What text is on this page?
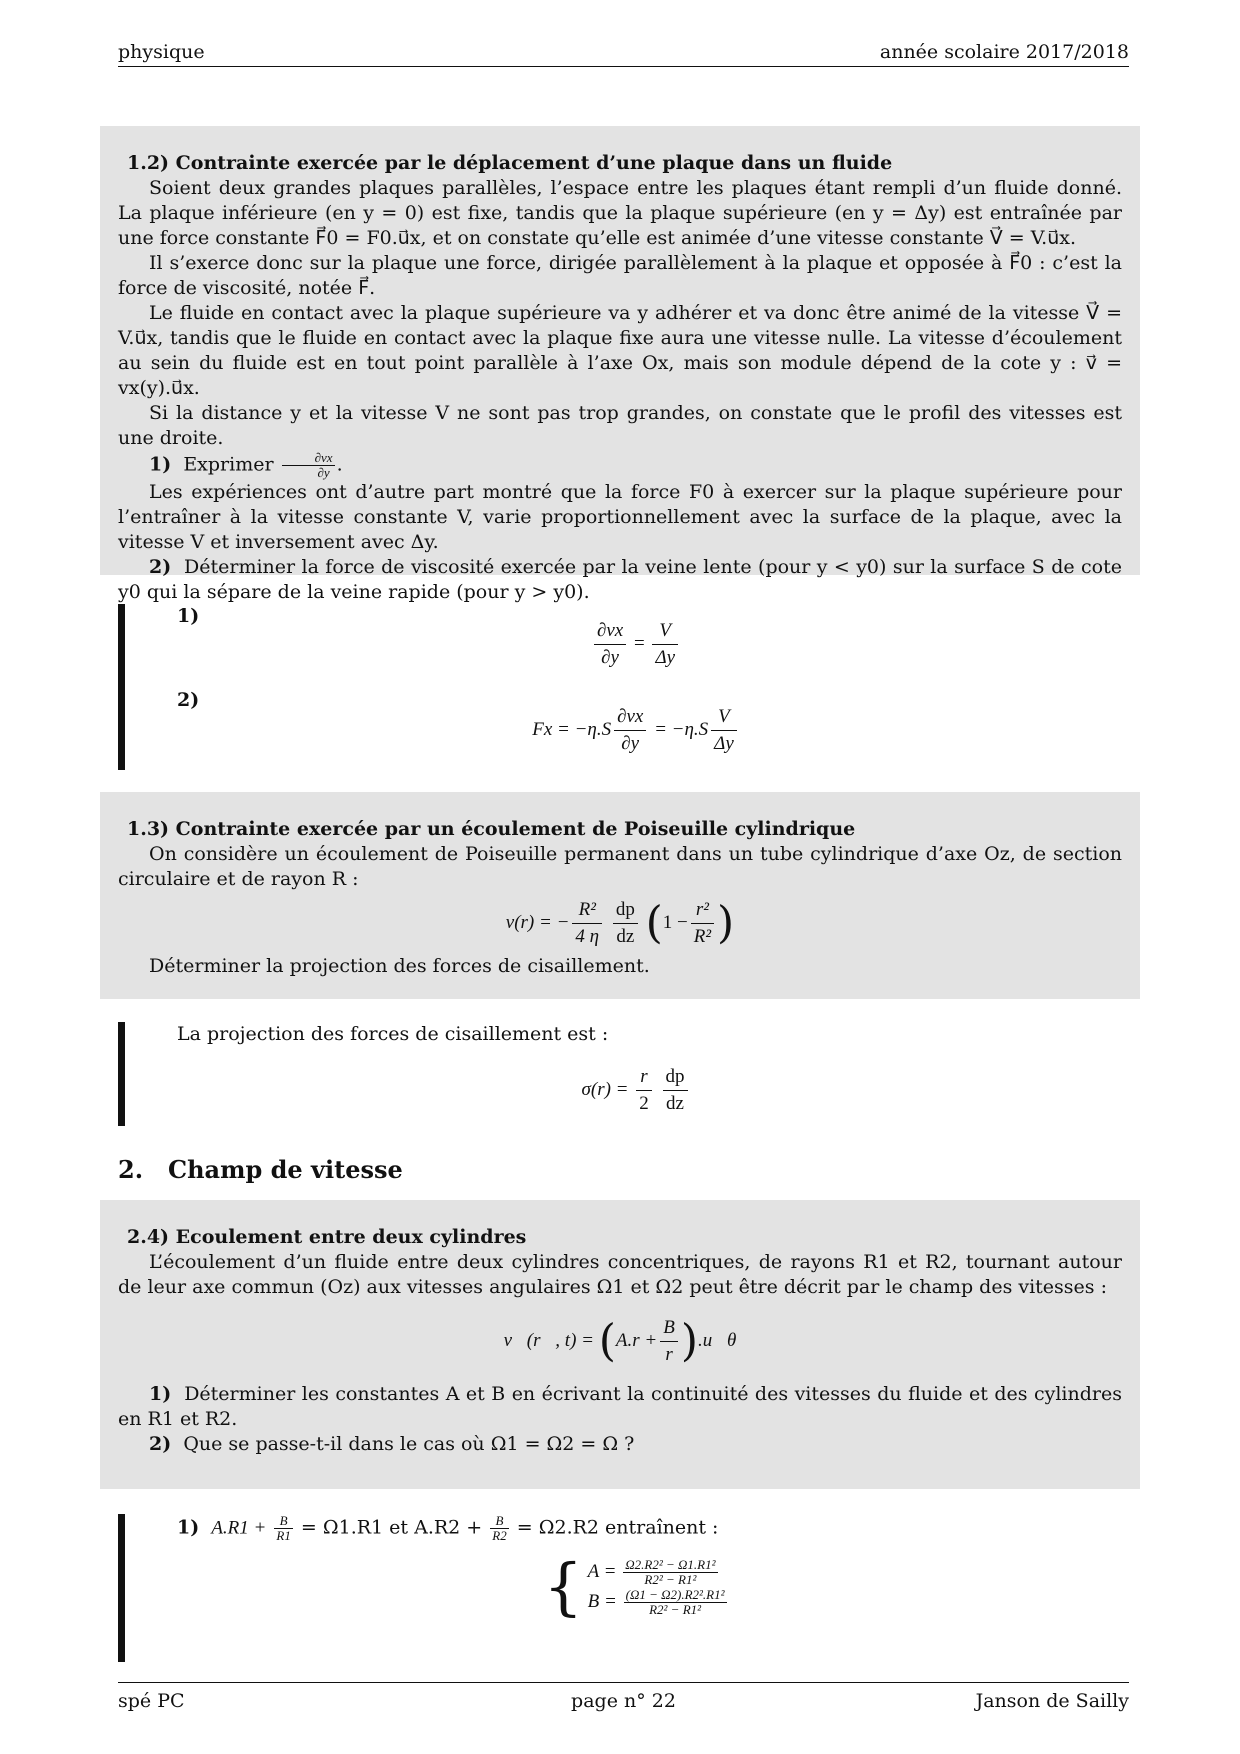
physique	année scolaire 2017/2018
1.2) Contrainte exercée par le déplacement d’une plaque dans un fluide

Soient deux grandes plaques parallèles, l’espace entre les plaques étant rempli d’un fluide donné. La plaque inférieure (en y = 0) est fixe, tandis que la plaque supérieure (en y = Δy) est entraînée par une force constante F⃗0 = F0.u⃗x, et on constate qu’elle est animée d’une vitesse constante V⃗ = V.u⃗x.

Il s’exerce donc sur la plaque une force, dirigée parallèlement à la plaque et opposée à F⃗0 : c’est la force de viscosité, notée F⃗.

Le fluide en contact avec la plaque supérieure va y adhérer et va donc être animé de la vitesse V⃗ = V.u⃗x, tandis que le fluide en contact avec la plaque fixe aura une vitesse nulle. La vitesse d’écoulement au sein du fluide est en tout point parallèle à l’axe Ox, mais son module dépend de la cote y : v⃗ = vx(y).u⃗x.

Si la distance y et la vitesse V ne sont pas trop grandes, on constate que le profil des vitesses est une droite.

1) Exprimer $\frac{\partial vx}{\partial y}$ .

Les expériences ont d’autre part montré que la force F0 à exercer sur la plaque supérieure pour l’entraîner à la vitesse constante V, varie proportionnellement avec la surface de la plaque, avec la vitesse V et inversement avec Δy.

2) Déterminer la force de viscosité exercée par la veine lente (pour y < y0) sur la surface S de cote y0 qui la sépare de la veine rapide (pour y > y0).

1)
$\frac{\partial vx}{\partial y} = \frac{V}{\Delta y}$
2)
$Fx = -\eta.S \frac{\partial vx}{\partial y} = -\eta.S \frac{V}{\Delta y}$
1.3) Contrainte exercée par un écoulement de Poiseuille cylindrique

On considère un écoulement de Poiseuille permanent dans un tube cylindrique d’axe Oz, de section circulaire et de rayon R :

v(r) = − $\frac{\text{R²}}{4 \eta}$
$\frac{dp}{dz} (1 - \frac{\text{r²}}{\text{R²}}$ )

Déterminer la projection des forces de cisaillement.

La projection des forces de cisaillement est :
$\sigma(r) = \frac{r}{2}$
$\frac{dp}{dz}$
2. Champ de vitesse
2.4) Ecoulement entre deux cylindres

L’écoulement d’un fluide entre deux cylindres concentriques, de rayons R1 et R2, tournant autour de leur axe commun (Oz) aux vitesses angulaires Ω1 et Ω2 peut être décrit par le champ des vitesses :

v⃗(r⃗, $t) = (A.r + \frac{B}{r}$ ).u⃗θ

1) Déterminer les constantes A et B en écrivant la continuité des vitesses du fluide et des cylindres en R1 et R2.

2) Que se passe-t-il dans le cas où Ω1 = Ω2 = Ω ?

1) $A.R1 + \frac{B}{R1} = \Omega 1.R1$ et $A.R2 + \frac{B}{R2} = \Omega 2.R2$ entraînent :
{ $A = \frac{\text{Ω2.R2² − Ω1.R1²}}{\text{R2² − R1²}}$
$B = \frac{\text{(Ω1 − Ω2).R2².R1²}}{\text{R2² − R1²}}$
spé PC	page n° 22	Janson de Sailly
